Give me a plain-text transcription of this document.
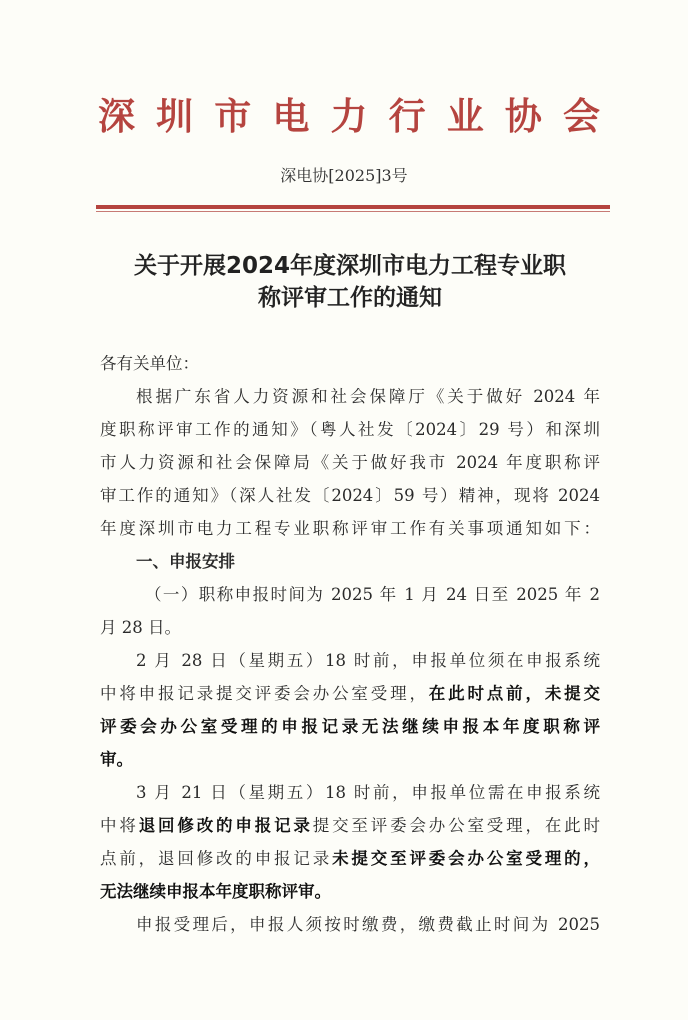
深圳市电力行业协会
深电协[2025]3号
关于开展2024年度深圳市电力工程专业职
称评审工作的通知
各有关单位：
根据广东省人力资源和社会保障厅《关于做好 2024 年
度职称评审工作的通知》（粤人社发〔2024〕29 号）和深圳
市人力资源和社会保障局《关于做好我市 2024 年度职称评
审工作的通知》（深人社发〔2024〕59 号）精神，现将 2024
年度深圳市电力工程专业职称评审工作有关事项通知如下：
一、申报安排
（一）职称申报时间为 2025 年 1 月 24 日至 2025 年 2
月 28 日。
2 月 28 日（星期五）18 时前，申报单位须在申报系统
中将申报记录提交评委会办公室受理，在此时点前，未提交
评委会办公室受理的申报记录无法继续申报本年度职称评
审。
3 月 21 日（星期五）18 时前，申报单位需在申报系统
中将退回修改的申报记录提交至评委会办公室受理，在此时
点前，退回修改的申报记录未提交至评委会办公室受理的，
无法继续申报本年度职称评审。
申报受理后，申报人须按时缴费，缴费截止时间为 2025
